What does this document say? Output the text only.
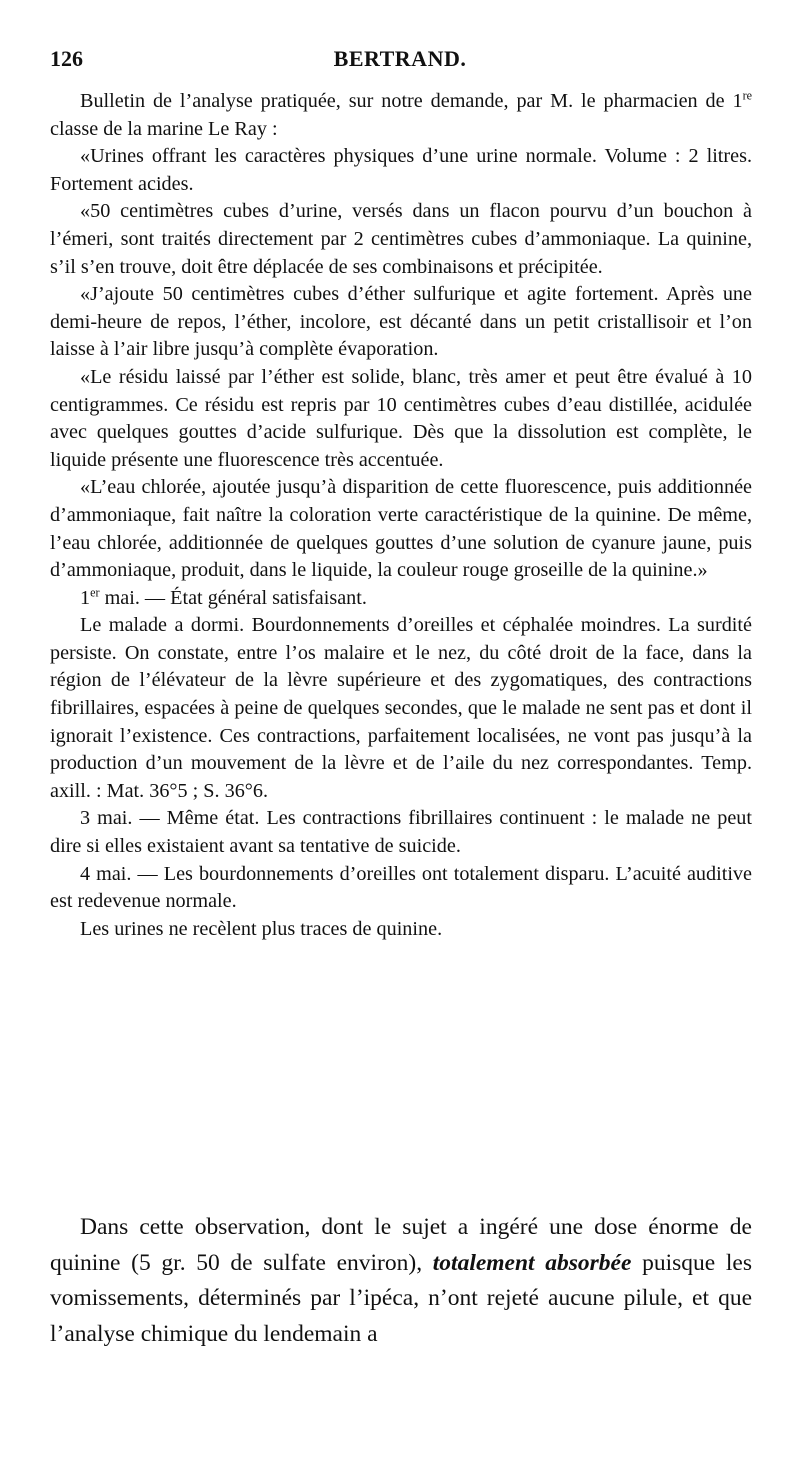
126	BERTRAND.

Bulletin de l’analyse pratiquée, sur notre demande, par M. le pharmacien de 1re classe de la marine Le Ray :

«Urines offrant les caractères physiques d’une urine normale. Volume : 2 litres. Fortement acides.

«50 centimètres cubes d’urine, versés dans un flacon pourvu d’un bouchon à l’émeri, sont traités directement par 2 centimètres cubes d’ammoniaque. La quinine, s’il s’en trouve, doit être déplacée de ses combinaisons et précipitée.

«J’ajoute 50 centimètres cubes d’éther sulfurique et agite fortement. Après une demi-heure de repos, l’éther, incolore, est décanté dans un petit cristallisoir et l’on laisse à l’air libre jusqu’à complète évaporation.

«Le résidu laissé par l’éther est solide, blanc, très amer et peut être évalué à 10 centigrammes. Ce résidu est repris par 10 centimètres cubes d’eau distillée, acidulée avec quelques gouttes d’acide sulfurique. Dès que la dissolution est complète, le liquide présente une fluorescence très accentuée.

«L’eau chlorée, ajoutée jusqu’à disparition de cette fluorescence, puis additionnée d’ammoniaque, fait naître la coloration verte caractéristique de la quinine. De même, l’eau chlorée, additionnée de quelques gouttes d’une solution de cyanure jaune, puis d’ammoniaque, produit, dans le liquide, la couleur rouge groseille de la quinine.»

1er mai. — État général satisfaisant.

Le malade a dormi. Bourdonnements d’oreilles et céphalée moindres. La surdité persiste. On constate, entre l’os malaire et le nez, du côté droit de la face, dans la région de l’élévateur de la lèvre supérieure et des zygomatiques, des contractions fibrillaires, espacées à peine de quelques secondes, que le malade ne sent pas et dont il ignorait l’existence. Ces contractions, parfaitement localisées, ne vont pas jusqu’à la production d’un mouvement de la lèvre et de l’aile du nez correspondantes. Temp. axill. : Mat. 36°5 ; S. 36°6.

3 mai. — Même état. Les contractions fibrillaires continuent : le malade ne peut dire si elles existaient avant sa tentative de suicide.

4 mai. — Les bourdonnements d’oreilles ont totalement disparu. L’acuité auditive est redevenue normale.

Les urines ne recèlent plus traces de quinine.

Dans cette observation, dont le sujet a ingéré une dose énorme de quinine (5 gr. 50 de sulfate environ), totalement absorbée puisque les vomissements, déterminés par l’ipéca, n’ont rejeté aucune pilule, et que l’analyse chimique du lendemain a
